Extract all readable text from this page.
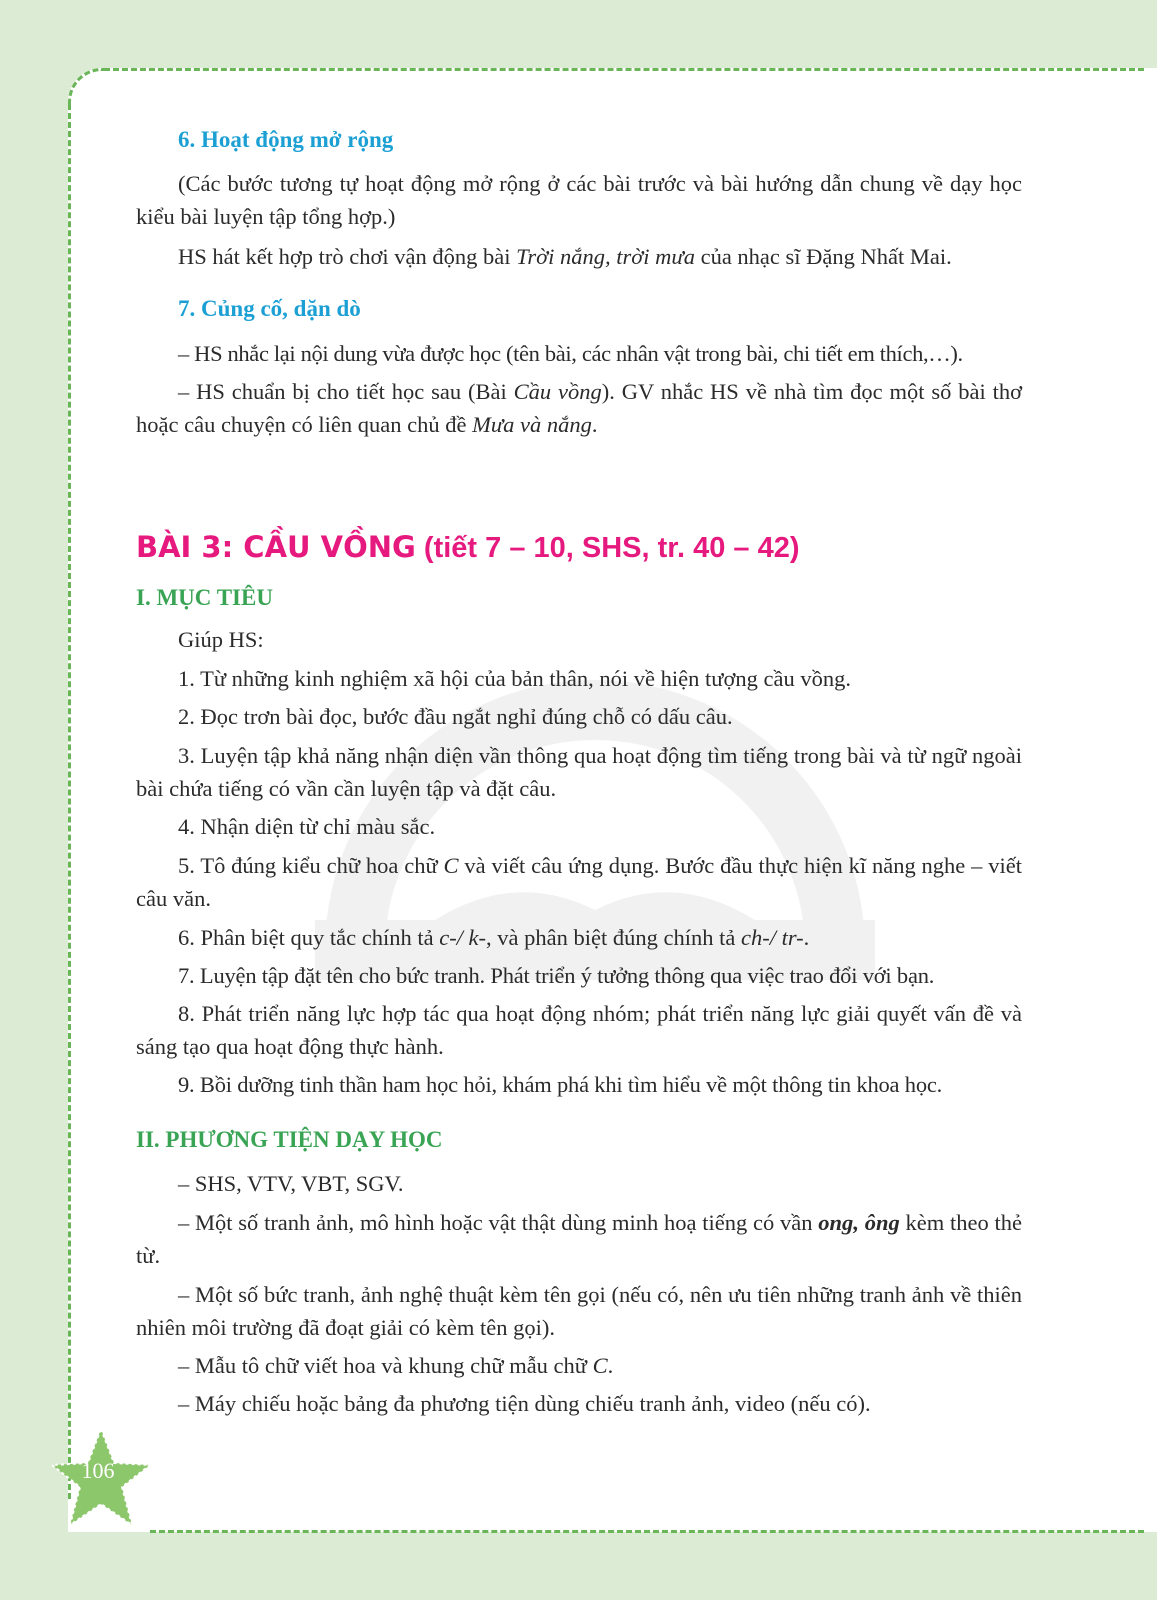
6. Hoạt động mở rộng

(Các bước tương tự hoạt động mở rộng ở các bài trước và bài hướng dẫn chung về dạy học kiểu bài luyện tập tổng hợp.)

HS hát kết hợp trò chơi vận động bài Trời nắng, trời mưa của nhạc sĩ Đặng Nhất Mai.

7. Củng cố, dặn dò

– HS nhắc lại nội dung vừa được học (tên bài, các nhân vật trong bài, chi tiết em thích,…).

– HS chuẩn bị cho tiết học sau (Bài Cầu vồng). GV nhắc HS về nhà tìm đọc một số bài thơ hoặc câu chuyện có liên quan chủ đề Mưa và nắng.

BÀI 3: CẦU VỒNG (tiết 7 – 10, SHS, tr. 40 – 42)
I. MỤC TIÊU

Giúp HS:

1. Từ những kinh nghiệm xã hội của bản thân, nói về hiện tượng cầu vồng.

2. Đọc trơn bài đọc, bước đầu ngắt nghỉ đúng chỗ có dấu câu.

3. Luyện tập khả năng nhận diện vần thông qua hoạt động tìm tiếng trong bài và từ ngữ ngoài bài chứa tiếng có vần cần luyện tập và đặt câu.

4. Nhận diện từ chỉ màu sắc.

5. Tô đúng kiểu chữ hoa chữ C và viết câu ứng dụng. Bước đầu thực hiện kĩ năng nghe – viết câu văn.

6. Phân biệt quy tắc chính tả c-/ k-, và phân biệt đúng chính tả ch-/ tr-.

7. Luyện tập đặt tên cho bức tranh. Phát triển ý tưởng thông qua việc trao đổi với bạn.

8. Phát triển năng lực hợp tác qua hoạt động nhóm; phát triển năng lực giải quyết vấn đề và sáng tạo qua hoạt động thực hành.

9. Bồi dưỡng tinh thần ham học hỏi, khám phá khi tìm hiểu về một thông tin khoa học.

II. PHƯƠNG TIỆN DẠY HỌC

– SHS, VTV, VBT, SGV.

– Một số tranh ảnh, mô hình hoặc vật thật dùng minh hoạ tiếng có vần ong, ông kèm theo thẻ từ.

– Một số bức tranh, ảnh nghệ thuật kèm tên gọi (nếu có, nên ưu tiên những tranh ảnh về thiên nhiên môi trường đã đoạt giải có kèm tên gọi).

– Mẫu tô chữ viết hoa và khung chữ mẫu chữ C.

– Máy chiếu hoặc bảng đa phương tiện dùng chiếu tranh ảnh, video (nếu có).

106
